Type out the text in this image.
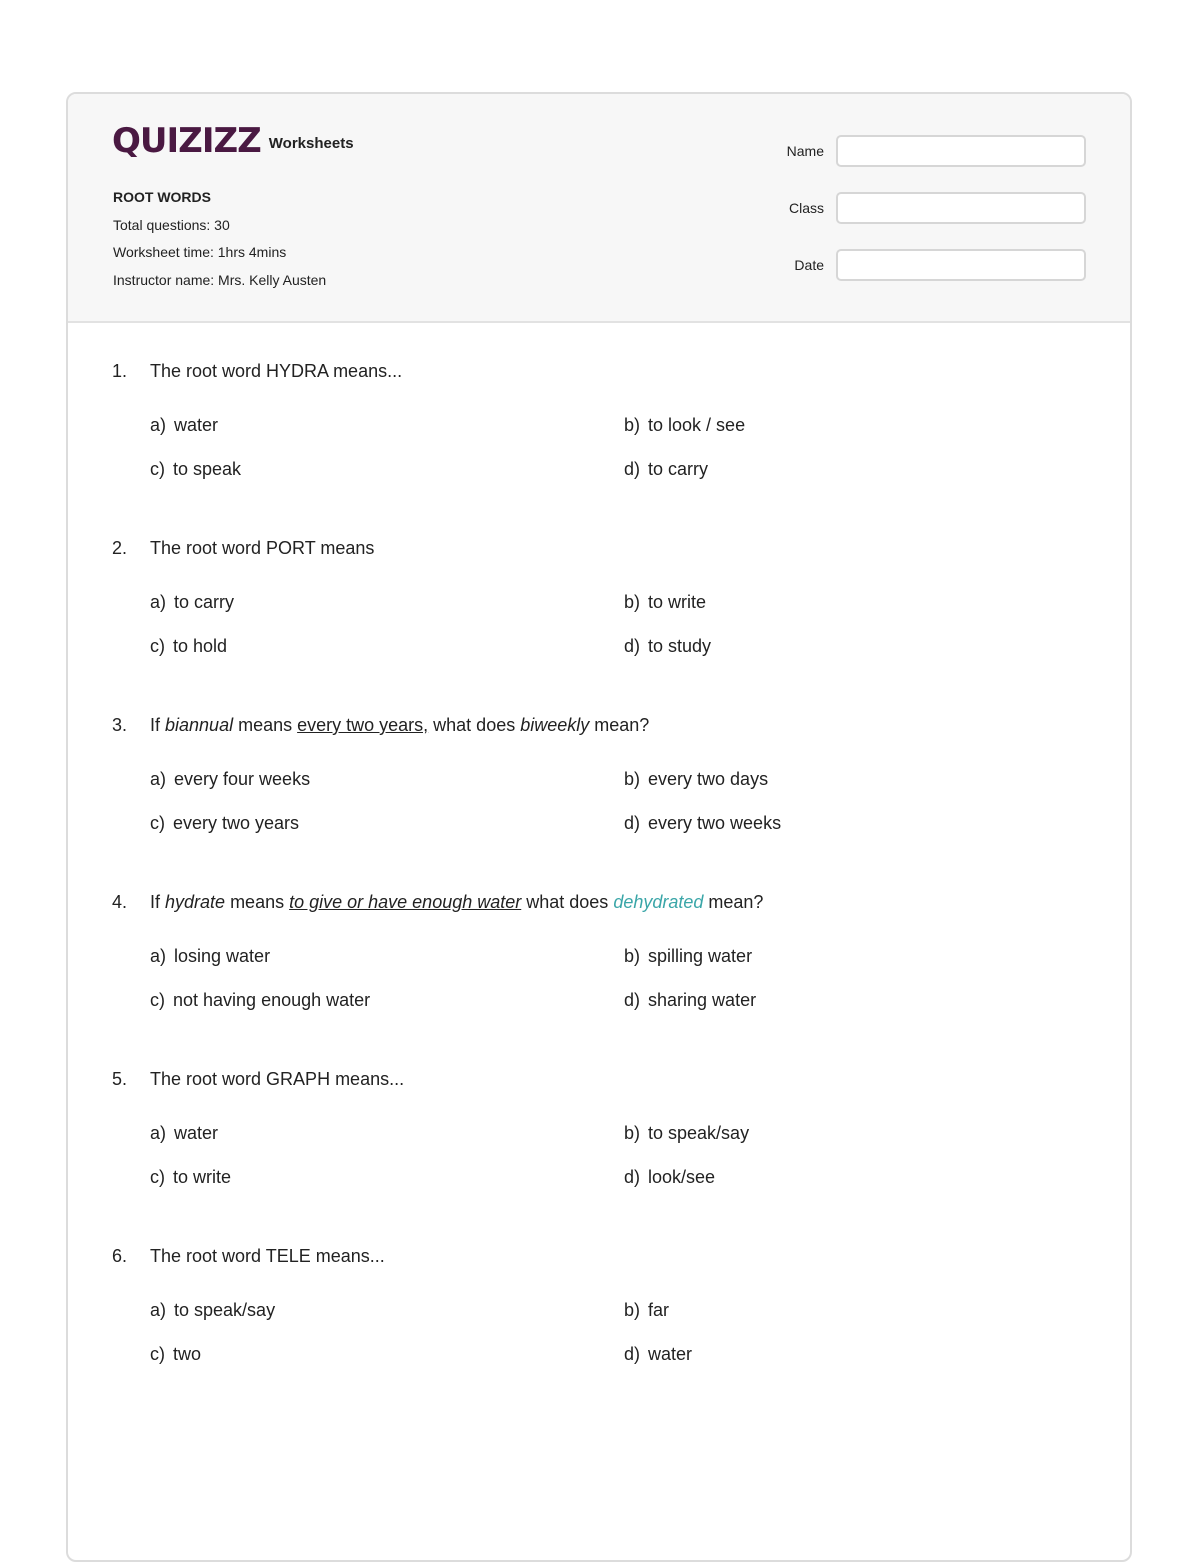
QUIZIZZ Worksheets
ROOT WORDS
Total questions: 30
Worksheet time: 1hrs 4mins
Instructor name: Mrs. Kelly Austen
Name
Class
Date
1.	The root word HYDRA means...
a) water	b) to look / see
c) to speak	d) to carry
2.	The root word PORT means
a) to carry	b) to write
c) to hold	d) to study
3.	If biannual means every two years, what does biweekly mean?
a) every four weeks	b) every two days
c) every two years	d) every two weeks
4.	If hydrate means to give or have enough water what does dehydrated mean?
a) losing water	b) spilling water
c) not having enough water	d) sharing water
5.	The root word GRAPH means...
a) water	b) to speak/say
c) to write	d) look/see
6.	The root word TELE means...
a) to speak/say	b) far
c) two	d) water
